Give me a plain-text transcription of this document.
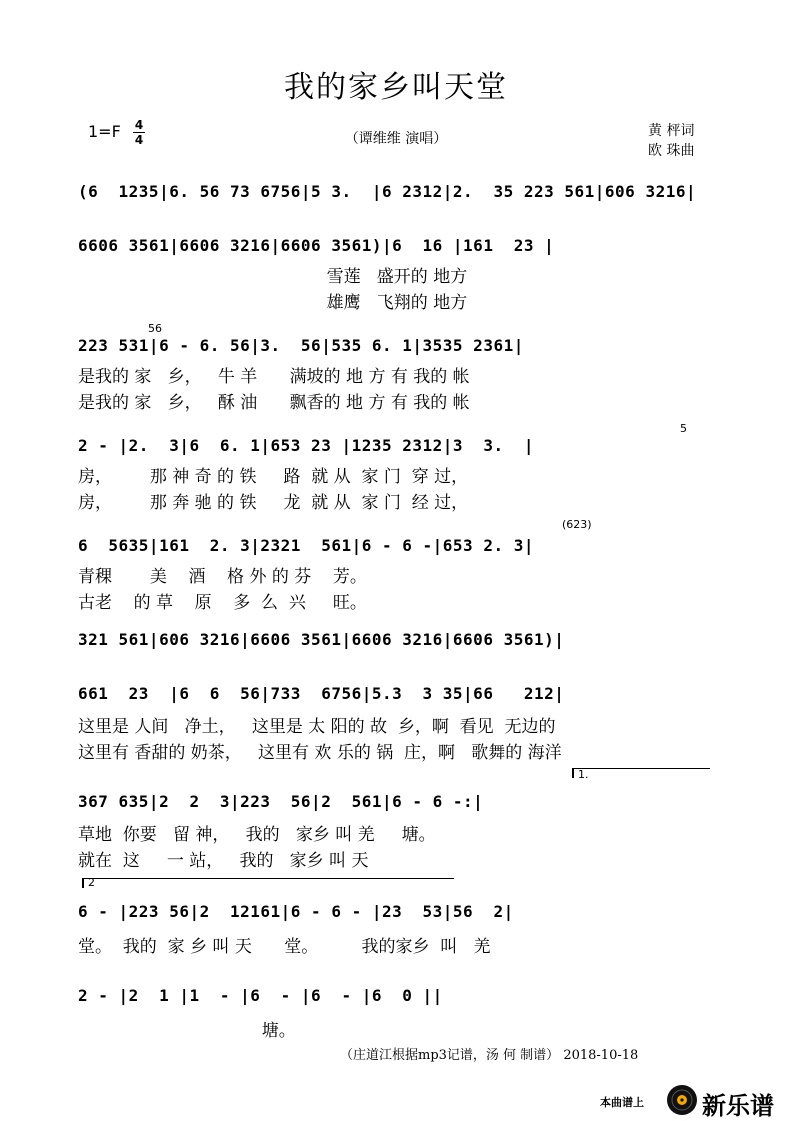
我的家乡叫天堂
1=F 4
4	（谭维维 演唱）	黄 枰词
欧 珠曲
(6  1235|6. 56 73 6756|5 3.  |6 2312|2.  35 223 561|606 3216|
6606 3561|6606 3216|6606 3561)|6  16 |161  23 |
雪莲   盛开的 地方
雄鹰   飞翔的 地方
56
223 531|6 - 6. 56|3.  56|535 6. 1|3535 2361|
是我的 家   乡，   牛 羊      满坡的 地 方 有 我的 帐
是我的 家   乡，   酥 油      飘香的 地 方 有 我的 帐
5
2 - |2.  3|6  6. 1|653 23 |1235 2312|3  3.  |
房，       那 神 奇 的 铁     路  就 从  家 门  穿 过，
房，       那 奔 驰 的 铁     龙  就 从  家 门  经 过，
(623)
6  5635|161  2. 3|2321  561|6 - 6 -|653 2. 3|
青稞       美    酒    格 外 的 芬    芳。
古老    的 草    原    多  么  兴     旺。
321 561|606 3216|6606 3561|6606 3216|6606 3561)|
661  23  |6  6  56|733  6756|5.3  3 35|66   212|
这里是 人间   净土，   这里是 太 阳的 故  乡，啊  看见  无边的
这里有 香甜的 奶茶，   这里有 欢 乐的 锅  庄，啊   歌舞的 海洋
1.
367 635|2  2  3|223  56|2  561|6 - 6 -:|
草地  你要   留 神，   我的   家乡 叫 羌     塘。
就在  这     一 站，   我的   家乡 叫 天
2
6 - |223 56|2  12161|6 - 6 - |23  53|56  2|
堂。  我的  家 乡 叫 天      堂。        我的家乡  叫   羌
2 - |2  1 |1  - |6  - |6  - |6  0 ||
塘。
（庄道江根据mp3记谱，汤 何 制谱） 2018-10-18
本曲谱上 新乐谱
